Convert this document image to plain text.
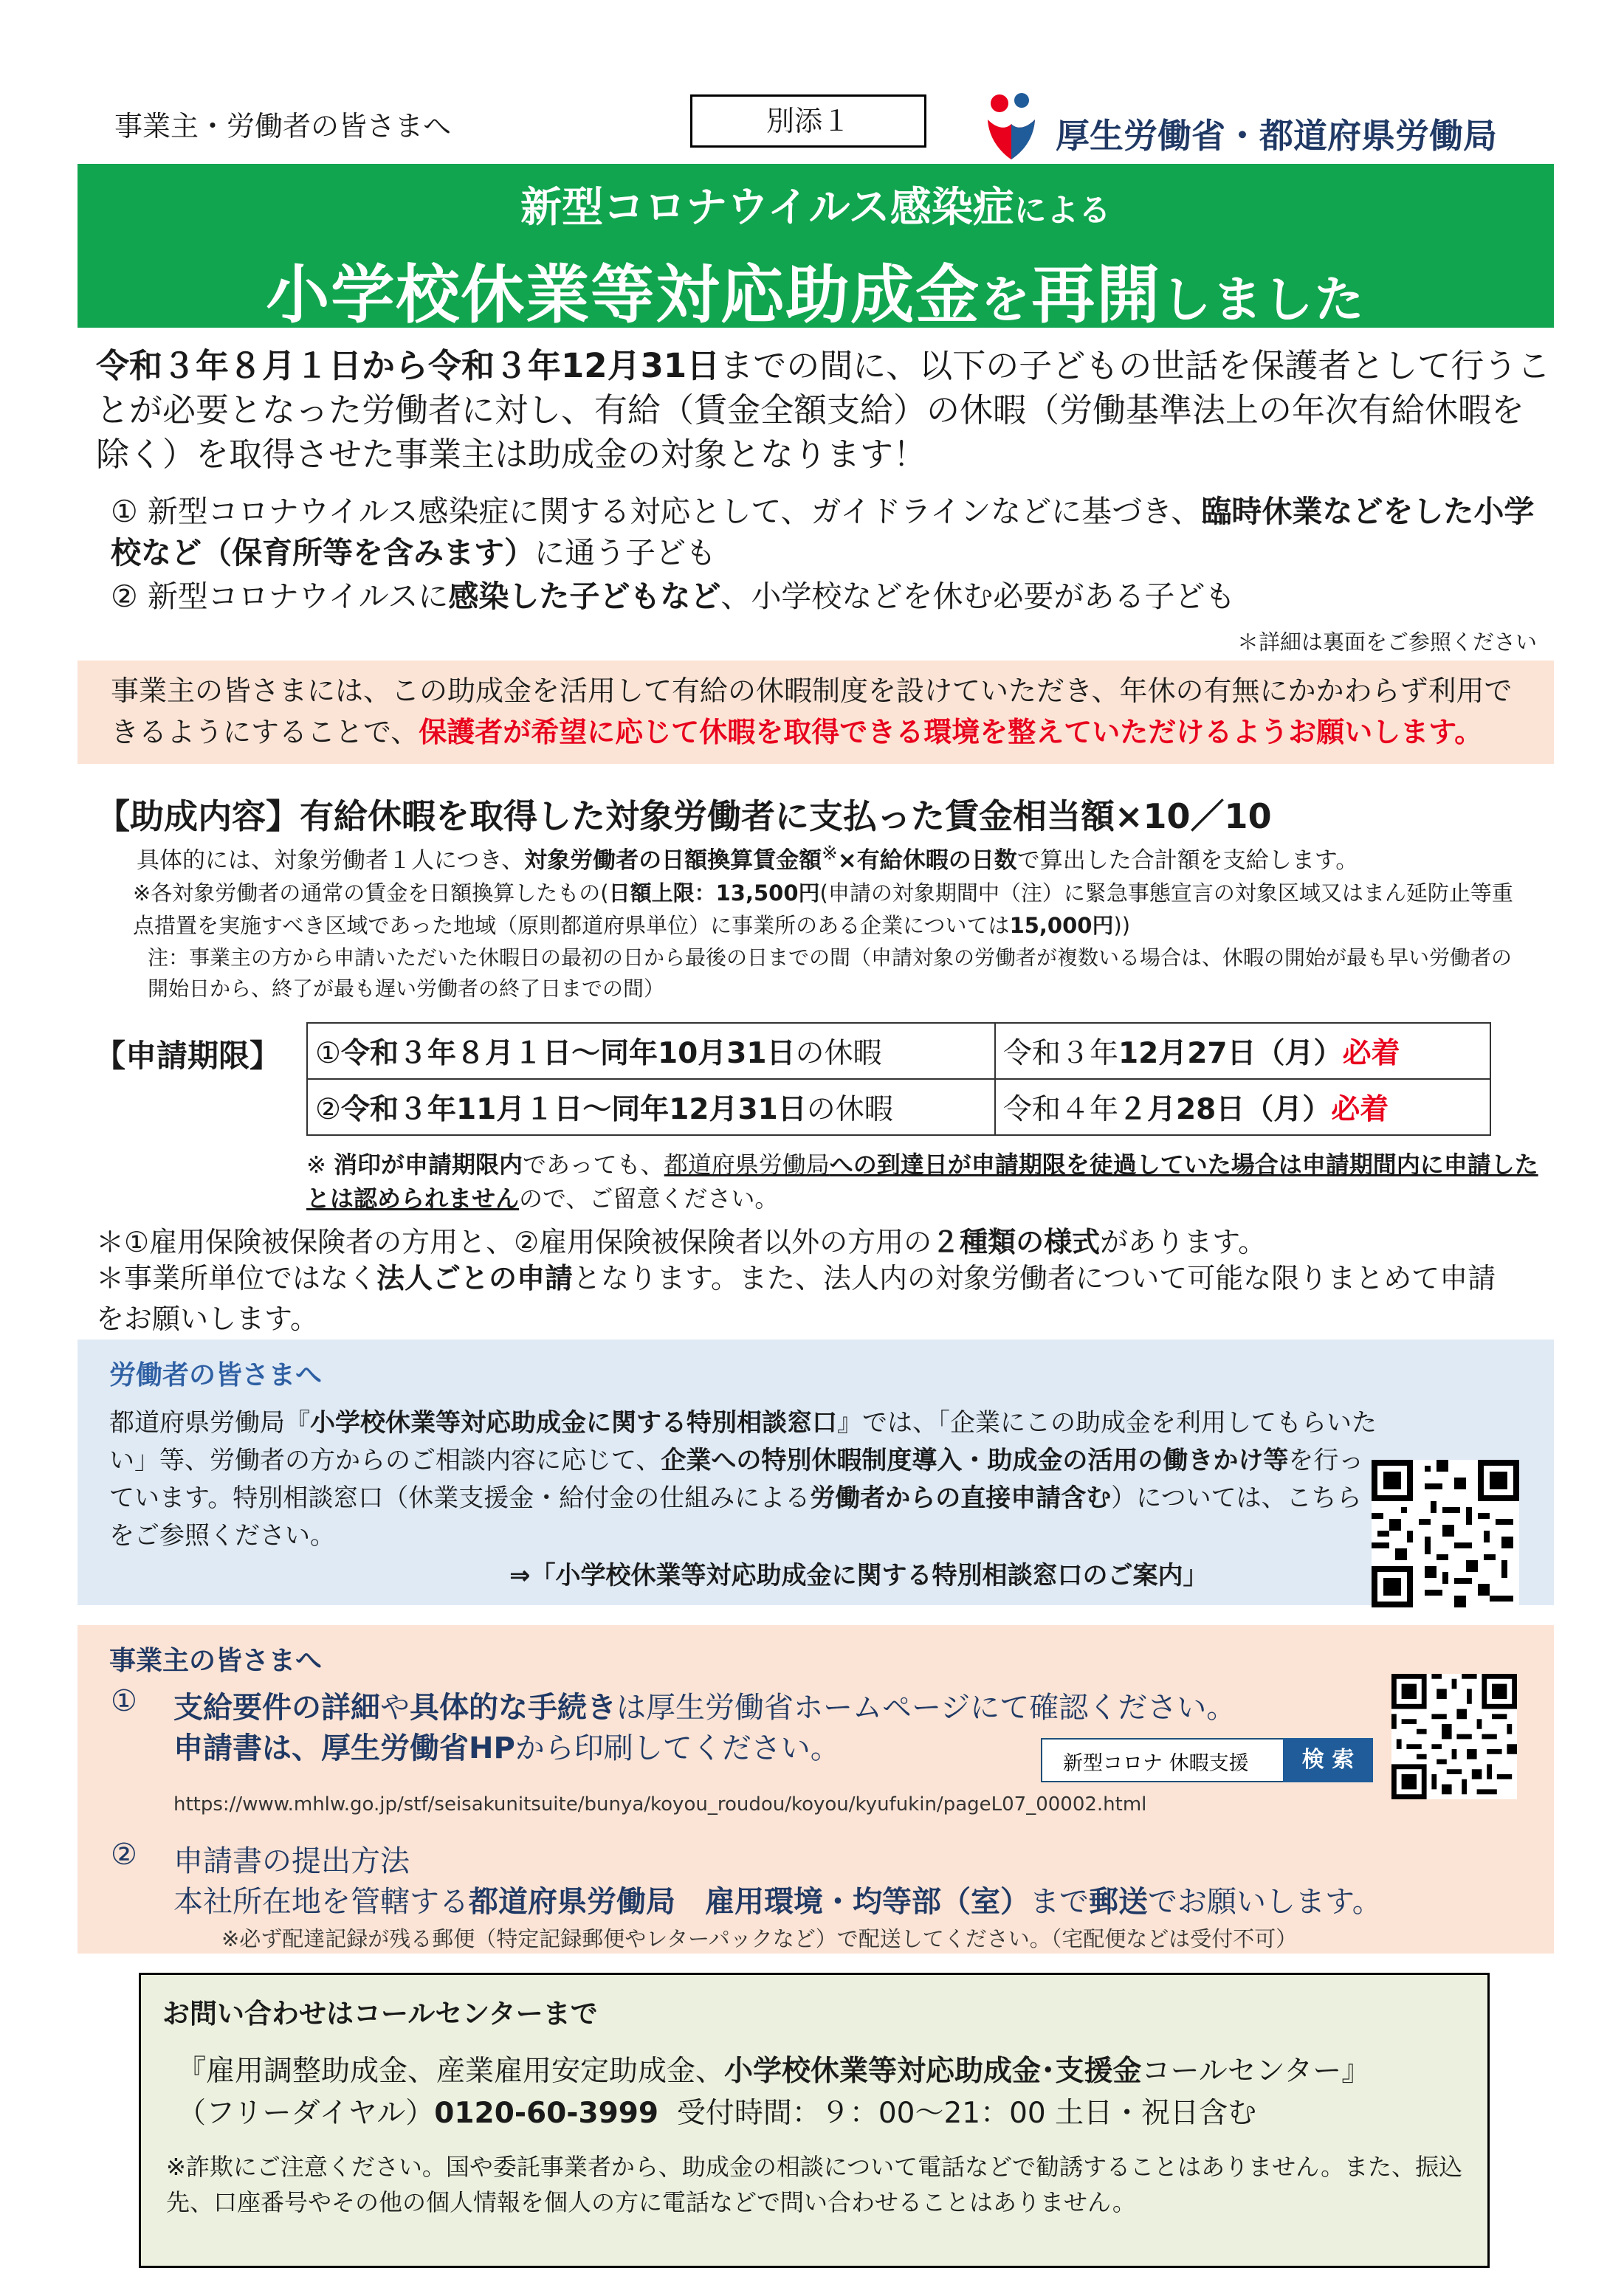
事業主・労働者の皆さまへ	別添１	厚生労働省・都道府県労働局
新型コロナウイルス感染症による
小学校休業等対応助成金を再開しました
令和３年８月１日から令和３年12月31日までの間に、以下の子どもの世話を保護者として行うことが必要となった労働者に対し、有給（賃金全額支給）の休暇（労働基準法上の年次有給休暇を除く）を取得させた事業主は助成金の対象となります！
① 新型コロナウイルス感染症に関する対応として、ガイドラインなどに基づき、臨時休業などをした小学校など（保育所等を含みます）に通う子ども
② 新型コロナウイルスに感染した子どもなど、小学校などを休む必要がある子ども
＊詳細は裏面をご参照ください
事業主の皆さまには、この助成金を活用して有給の休暇制度を設けていただき、年休の有無にかかわらず利用できるようにすることで、保護者が希望に応じて休暇を取得できる環境を整えていただけるようお願いします。
【助成内容】有給休暇を取得した対象労働者に支払った賃金相当額×10／10
具体的には、対象労働者１人につき、対象労働者の日額換算賃金額※×有給休暇の日数で算出した合計額を支給します。
※各対象労働者の通常の賃金を日額換算したもの(日額上限：13,500円(申請の対象期間中（注）に緊急事態宣言の対象区域又はまん延防止等重点措置を実施すべき区域であった地域（原則都道府県単位）に事業所のある企業については15,000円))
注：事業主の方から申請いただいた休暇日の最初の日から最後の日までの間（申請対象の労働者が複数いる場合は、休暇の開始が最も早い労働者の開始日から、終了が最も遅い労働者の終了日までの間）
【申請期限】 ①令和３年８月１日～同年10月31日の休暇	令和３年12月27日（月）必着
②令和３年11月１日～同年12月31日の休暇	令和４年２月28日（月）必着
※ 消印が申請期限内であっても、都道府県労働局への到達日が申請期限を徒過していた場合は申請期間内に申請したとは認められませんので、ご留意ください。
＊①雇用保険被保険者の方用と、②雇用保険被保険者以外の方用の２種類の様式があります。
＊事業所単位ではなく法人ごとの申請となります。また、法人内の対象労働者について可能な限りまとめて申請をお願いします。
労働者の皆さまへ
都道府県労働局『小学校休業等対応助成金に関する特別相談窓口』では、「企業にこの助成金を利用してもらいたい」等、労働者の方からのご相談内容に応じて、企業への特別休暇制度導入・助成金の活用の働きかけ等を行っています。特別相談窓口（休業支援金・給付金の仕組みによる労働者からの直接申請含む）については、こちらをご参照ください。
⇒「小学校休業等対応助成金に関する特別相談窓口のご案内」
事業主の皆さまへ
① 支給要件の詳細や具体的な手続きは厚生労働省ホームページにて確認ください。
申請書は、厚生労働省HPから印刷してください。	新型コロナ 休暇支援	検 索
https://www.mhlw.go.jp/stf/seisakunitsuite/bunya/koyou_roudou/koyou/kyufukin/pageL07_00002.html
② 申請書の提出方法
本社所在地を管轄する都道府県労働局　雇用環境・均等部（室）まで郵送でお願いします。
※必ず配達記録が残る郵便（特定記録郵便やレターパックなど）で配送してください。（宅配便などは受付不可）
お問い合わせはコールセンターまで
『雇用調整助成金、産業雇用安定助成金、小学校休業等対応助成金･支援金コールセンター』
（フリーダイヤル）0120-60-3999 受付時間：９：00～21：00 土日・祝日含む
※詐欺にご注意ください。国や委託事業者から、助成金の相談について電話などで勧誘することはありません。また、振込先、口座番号やその他の個人情報を個人の方に電話などで問い合わせることはありません。
